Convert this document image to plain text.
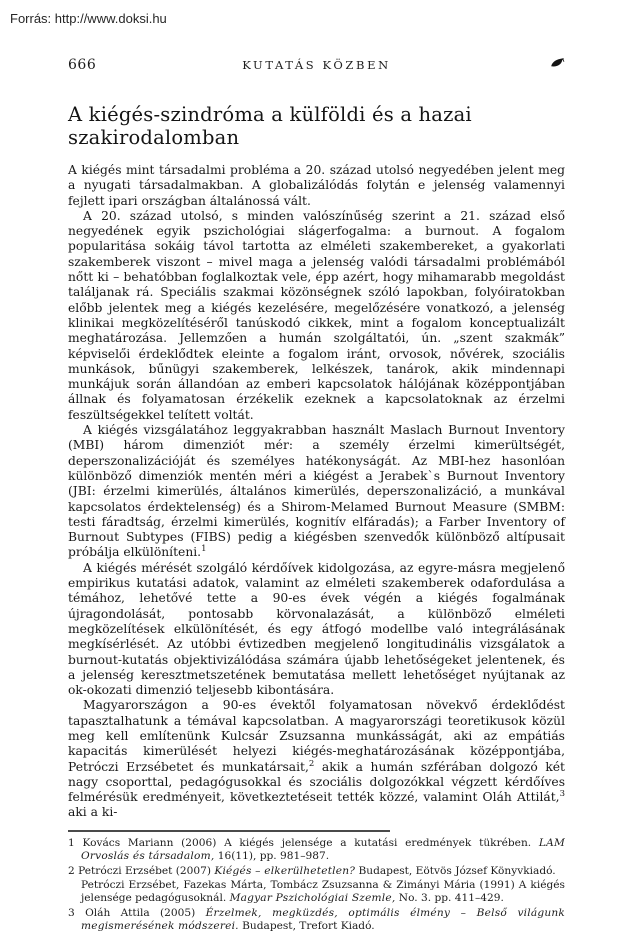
Forrás: http://www.doksi.hu
666	KUTATÁS KÖZBEN
A kiégés-szindróma a külföldi és a hazai szakirodalomban

A kiégés mint társadalmi probléma a 20. század utolsó negyedében jelent meg a nyugati társadalmakban. A globalizálódás folytán e jelenség valamennyi fejlett ipari országban általánossá vált.

A 20. század utolsó, s minden valószínűség szerint a 21. század első negyedének egyik pszichológiai slágerfogalma: a burnout. A fogalom popularitása sokáig távol tartotta az elméleti szakembereket, a gyakorlati szakemberek viszont – mivel maga a jelenség valódi társadalmi problémából nőtt ki – behatóbban foglalkoztak vele, épp azért, hogy mihamarabb megoldást találjanak rá. Speciális szakmai közönségnek szóló lapokban, folyóiratokban előbb jelentek meg a kiégés kezelésére, megelőzésére vonatkozó, a jelenség klinikai megközelítéséről tanúskodó cikkek, mint a fogalom konceptualizált meghatározása. Jellemzően a humán szolgáltatói, ún. „szent szakmák” képviselői érdeklődtek eleinte a fogalom iránt, orvosok, nővérek, szociális munkások, bűnügyi szakemberek, lelkészek, tanárok, akik mindennapi munkájuk során állandóan az emberi kapcsolatok hálójának középpontjában állnak és folyamatosan érzékelik ezeknek a kapcsolatoknak az érzelmi feszültségekkel telített voltát.

A kiégés vizsgálatához leggyakrabban használt Maslach Burnout Inventory (MBI) három dimenziót mér: a személy érzelmi kimerültségét, deperszonalizációját és személyes hatékonyságát. Az MBI-hez hasonlóan különböző dimenziók mentén méri a kiégést a Jerabek`s Burnout Inventory (JBI: érzelmi kimerülés, általános kimerülés, deperszonalizáció, a munkával kapcsolatos érdektelenség) és a Shirom-Melamed Burnout Measure (SMBM: testi fáradtság, érzelmi kimerülés, kognitív elfáradás); a Farber Inventory of Burnout Subtypes (FIBS) pedig a kiégésben szenvedők különböző altípusait próbálja elkülöníteni.$^1$

A kiégés mérését szolgáló kérdőívek kidolgozása, az egyre-másra megjelenő empirikus kutatási adatok, valamint az elméleti szakemberek odafordulása a témához, lehetővé tette a 90-es évek végén a kiégés fogalmának újragondolását, pontosabb körvonalazását, a különböző elméleti megközelítések elkülönítését, és egy átfogó modellbe való integrálásának megkísérlését. Az utóbbi évtizedben megjelenő longitudinális vizsgálatok a burnout-kutatás objektivizálódása számára újabb lehetőségeket jelentenek, és a jelenség keresztmetszetének bemutatása mellett lehetőséget nyújtanak az ok-okozati dimenzió teljesebb kibontására.

Magyarországon a 90-es évektől folyamatosan növekvő érdeklődést tapasztalhatunk a témával kapcsolatban. A magyarországi teoretikusok közül meg kell említenünk Kulcsár Zsuzsanna munkásságát, aki az empátiás kapacitás kimerülését helyezi kiégés-meghatározásának középpontjába, Petróczi Erzsébetet és munkatársait,$^2$ akik a humán szférában dolgozó két nagy csoporttal, pedagógusokkal és szociális dolgozókkal végzett kérdőíves felmérésük eredményeit, következtetéseit tették közzé, valamint Oláh Attilát,$^3$ aki a ki-

1 Kovács Mariann (2006) A kiégés jelensége a kutatási eredmények tükrében. LAM Orvoslás és társadalom, 16(11), pp. 981–987.
2 Petróczi Erzsébet (2007) Kiégés – elkerülhetetlen? Budapest, Eötvös József Könyvkiadó.
Petróczi Erzsébet, Fazekas Márta, Tombácz Zsuzsanna & Zimányi Mária (1991) A kiégés jelensége pedagógusoknál. Magyar Pszichológiai Szemle, No. 3. pp. 411–429.
3 Oláh Attila (2005) Érzelmek, megküzdés, optimális élmény – Belső világunk megismerésének módszerei. Budapest, Trefort Kiadó.
